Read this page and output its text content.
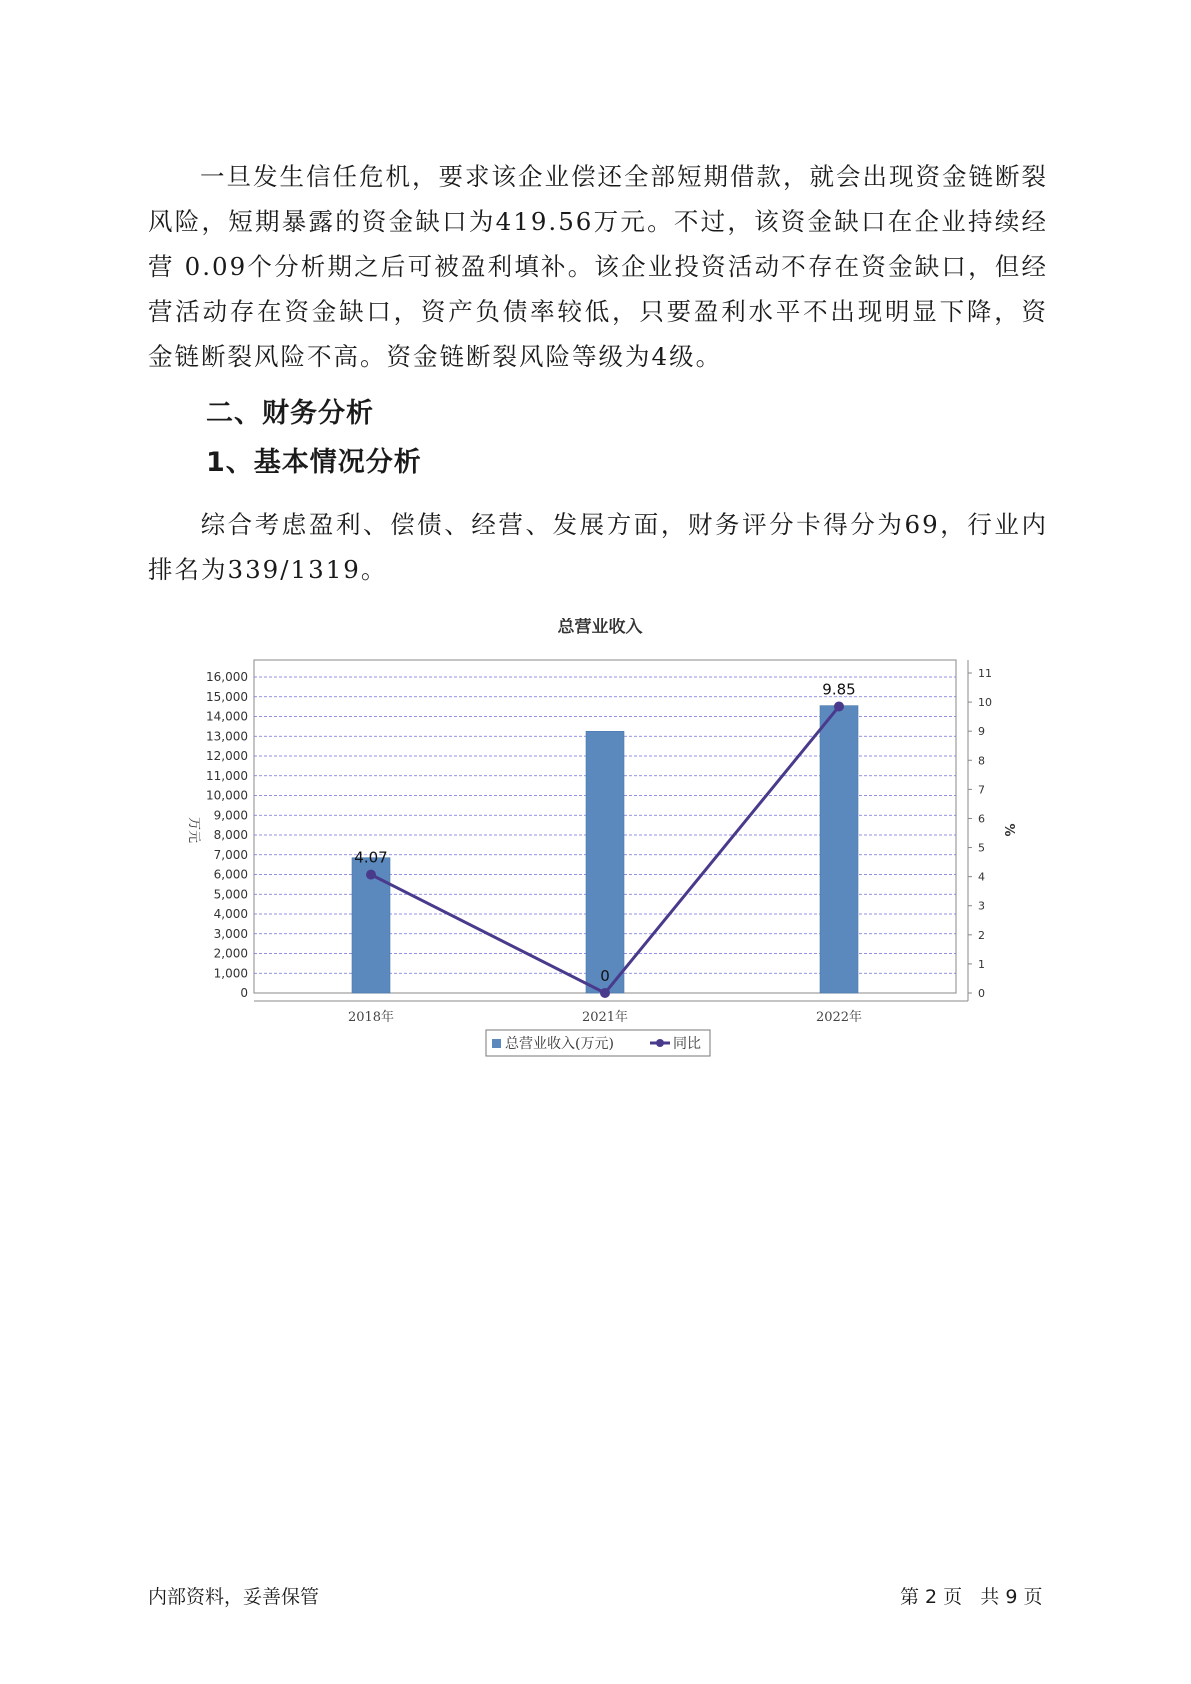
一旦发生信任危机，要求该企业偿还全部短期借款，就会出现资金链断裂风险，短期暴露的资金缺口为419.56万元。不过，该资金缺口在企业持续经营 0.09个分析期之后可被盈利填补。该企业投资活动不存在资金缺口，但经营活动存在资金缺口，资产负债率较低，只要盈利水平不出现明显下降，资金链断裂风险不高。资金链断裂风险等级为4级。

二、财务分析
1、基本情况分析

综合考虑盈利、偿债、经营、发展方面，财务评分卡得分为69，行业内排名为339/1319。

总营业收入
0
1,000
2,000
3,000
4,000
5,000
6,000
7,000
8,000
9,000
10,000
11,000
12,000
13,000
14,000
15,000
16,000
0
1
2
3
4
5
6
7
8
9
10
11
万元	%
2018年	2021年	2022年
4.07
0
9.85
总营业收入(万元)	同比
内部资料，妥善保管	第 2 页   共 9 页
